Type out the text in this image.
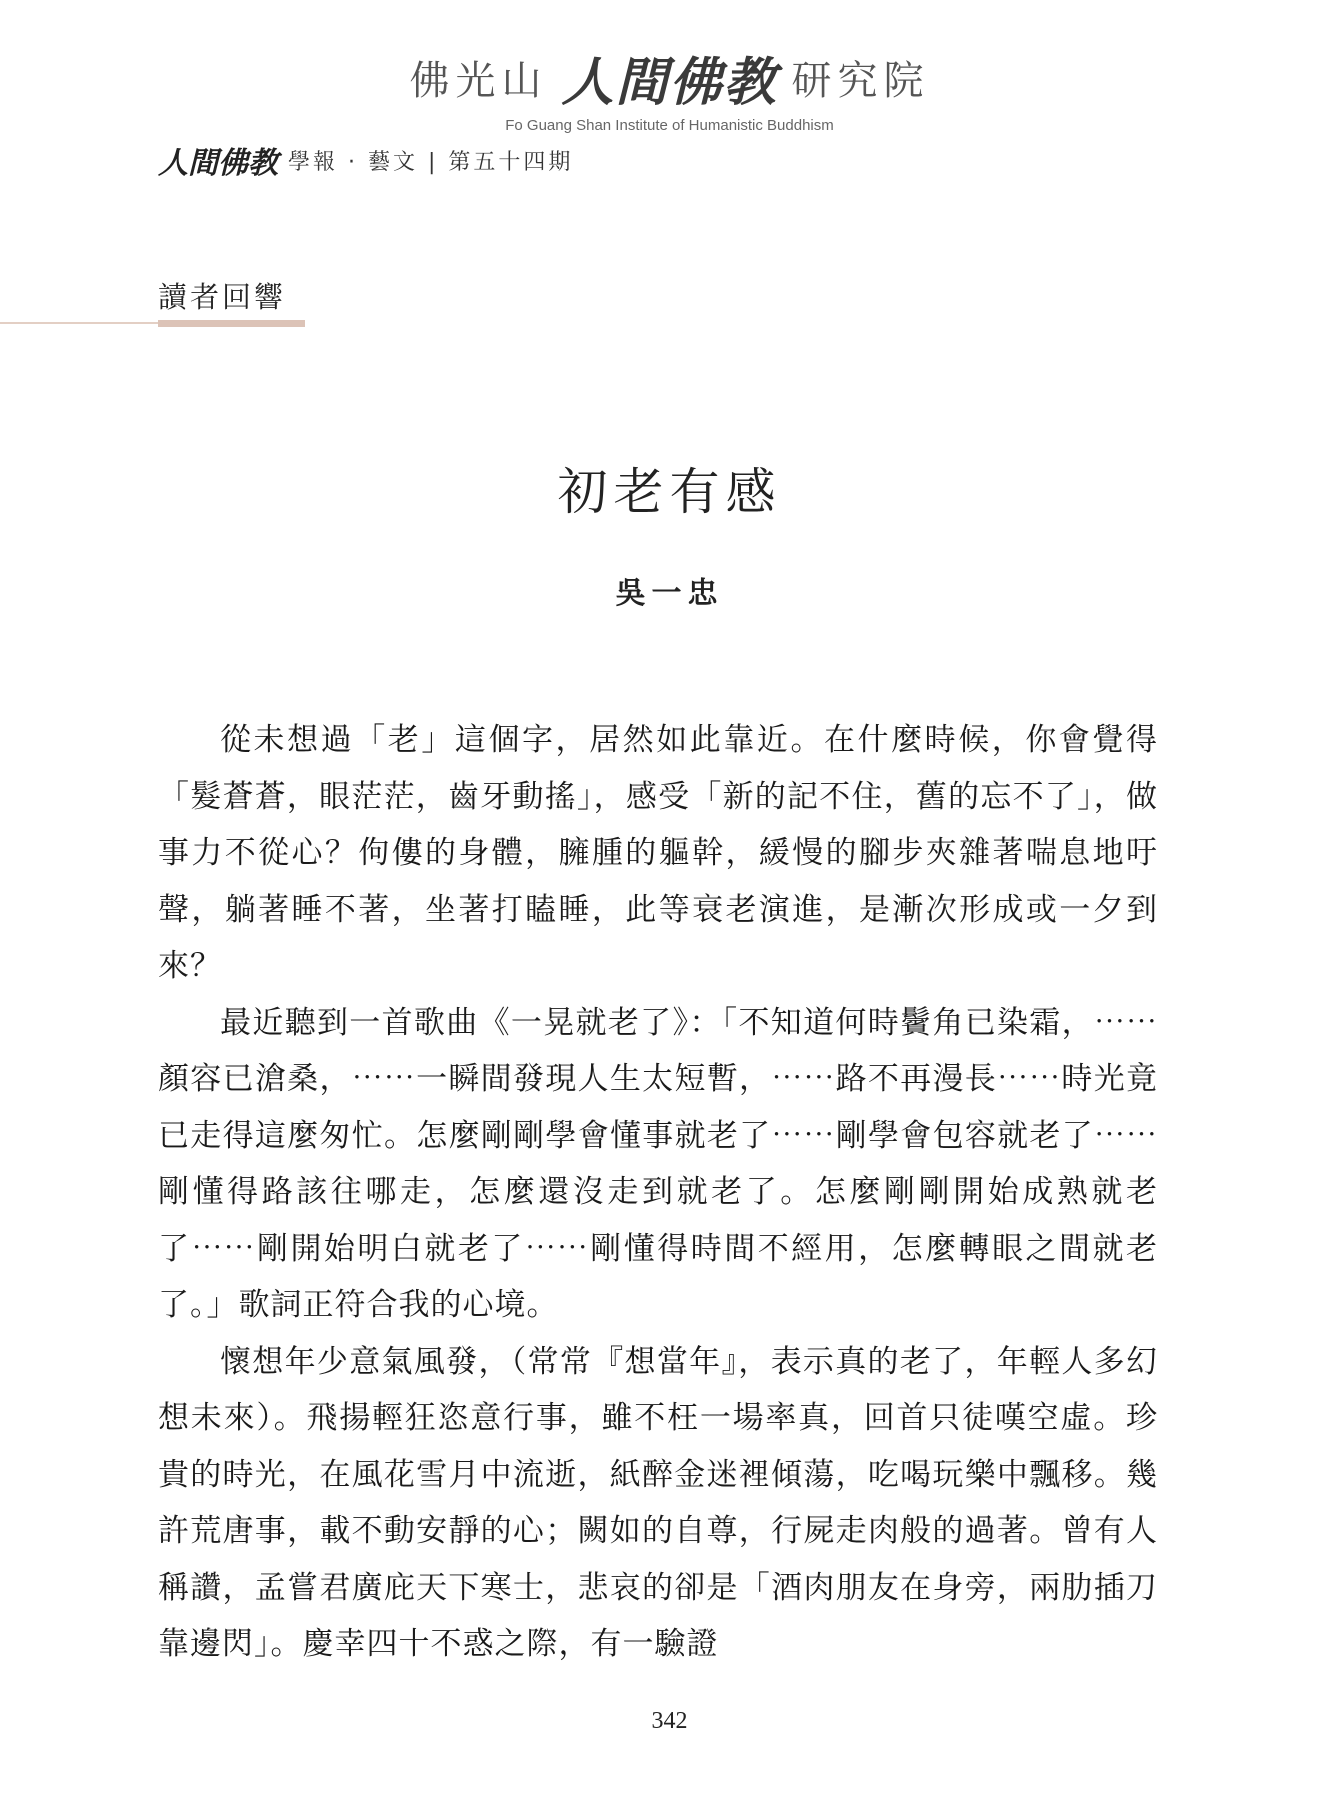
佛光山 人間佛教 研究院
Fo Guang Shan Institute of Humanistic Buddhism
人間佛教 學報 · 藝文 | 第五十四期
讀者回響
初老有感
吳一忠

從未想過「老」這個字，居然如此靠近。在什麼時候，你會覺得「髮蒼蒼，眼茫茫，齒牙動搖」，感受「新的記不住，舊的忘不了」，做事力不從心？佝僂的身體，臃腫的軀幹，緩慢的腳步夾雜著喘息地吁聲，躺著睡不著，坐著打瞌睡，此等衰老演進，是漸次形成或一夕到來？

最近聽到一首歌曲《一晃就老了》：「不知道何時鬢角已染霜，⋯⋯顏容已滄桑，⋯⋯一瞬間發現人生太短暫，⋯⋯路不再漫長⋯⋯時光竟已走得這麼匆忙。怎麼剛剛學會懂事就老了⋯⋯剛學會包容就老了⋯⋯剛懂得路該往哪走，怎麼還沒走到就老了。怎麼剛剛開始成熟就老了⋯⋯剛開始明白就老了⋯⋯剛懂得時間不經用，怎麼轉眼之間就老了。」歌詞正符合我的心境。

懷想年少意氣風發，（常常『想當年』，表示真的老了，年輕人多幻想未來）。飛揚輕狂恣意行事，雖不枉一場率真，回首只徒嘆空虛。珍貴的時光，在風花雪月中流逝，紙醉金迷裡傾蕩，吃喝玩樂中飄移。幾許荒唐事，載不動安靜的心；闕如的自尊，行屍走肉般的過著。曾有人稱讚，孟嘗君廣庇天下寒士，悲哀的卻是「酒肉朋友在身旁，兩肋插刀靠邊閃」。慶幸四十不惑之際，有一驗證

342
